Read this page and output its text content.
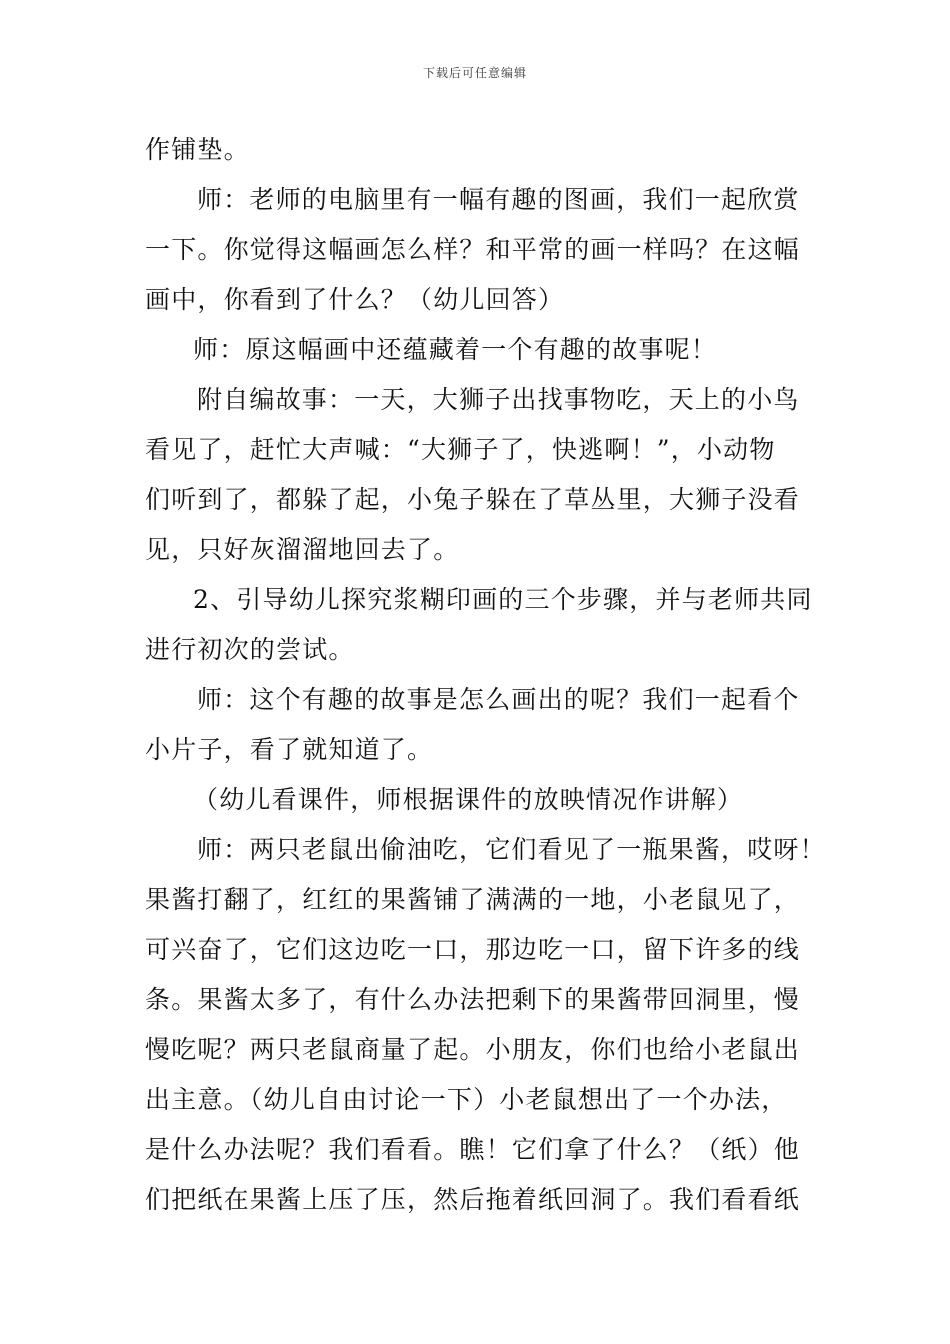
下载后可任意编辑
作铺垫。
师：老师的电脑里有一幅有趣的图画，我们一起欣赏
一下。你觉得这幅画怎么样？和平常的画一样吗？在这幅
画中，你看到了什么？（幼儿回答）
师：原这幅画中还蕴藏着一个有趣的故事呢！
附自编故事：一天，大狮子出找事物吃，天上的小鸟
看见了，赶忙大声喊：“大狮子了，快逃啊！”，小动物
们听到了，都躲了起，小兔子躲在了草丛里，大狮子没看
见，只好灰溜溜地回去了。
2、引导幼儿探究浆糊印画的三个步骤，并与老师共同
进行初次的尝试。
师：这个有趣的故事是怎么画出的呢？我们一起看个
小片子，看了就知道了。
（幼儿看课件，师根据课件的放映情况作讲解）
师：两只老鼠出偷油吃，它们看见了一瓶果酱，哎呀！
果酱打翻了，红红的果酱铺了满满的一地，小老鼠见了，
可兴奋了，它们这边吃一口，那边吃一口，留下许多的线
条。果酱太多了，有什么办法把剩下的果酱带回洞里，慢
慢吃呢？两只老鼠商量了起。小朋友，你们也给小老鼠出
出主意。（幼儿自由讨论一下）小老鼠想出了一个办法，
是什么办法呢？我们看看。瞧！它们拿了什么？（纸）他
们把纸在果酱上压了压，然后拖着纸回洞了。我们看看纸
